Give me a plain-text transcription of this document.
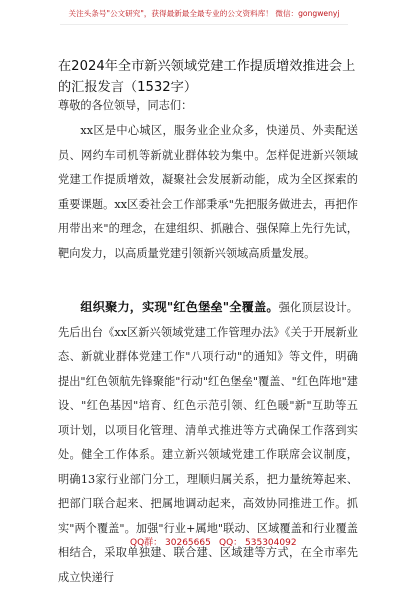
关注头条号"公文研究"，获得最新最全最专业的公文资料库！ 微信：gongwenyj
在2024年全市新兴领域党建工作提质增效推进会上的汇报发言（1532字）

尊敬的各位领导，同志们：

xx区是中心城区，服务业企业众多，快递员、外卖配送员、网约车司机等新就业群体较为集中。怎样促进新兴领域党建工作提质增效，凝聚社会发展新动能，成为全区探索的重要课题。xx区委社会工作部秉承"先把服务做进去，再把作用带出来"的理念，在建组织、抓融合、强保障上先行先试，靶向发力，以高质量党建引领新兴领域高质量发展。

组织聚力，实现"红色堡垒"全覆盖。强化顶层设计。先后出台《xx区新兴领域党建工作管理办法》《关于开展新业态、新就业群体党建工作"八项行动"的通知》等文件，明确提出"红色领航先锋聚能"行动"红色堡垒"覆盖、"红色阵地"建设、"红色基因"培育、红色示范引领、红色暖"新"互助等五项计划，以项目化管理、清单式推进等方式确保工作落到实处。健全工作体系。建立新兴领域党建工作联席会议制度，明确13家行业部门分工，理顺归属关系，把力量统筹起来、把部门联合起来、把属地调动起来，高效协同推进工作。抓实"两个覆盖"。加强"行业+属地"联动、区域覆盖和行业覆盖相结合，采取单独建、联合建、区域建等方式，在全市率先成立快递行

QQ群： 30265665 QQ： 535304092
